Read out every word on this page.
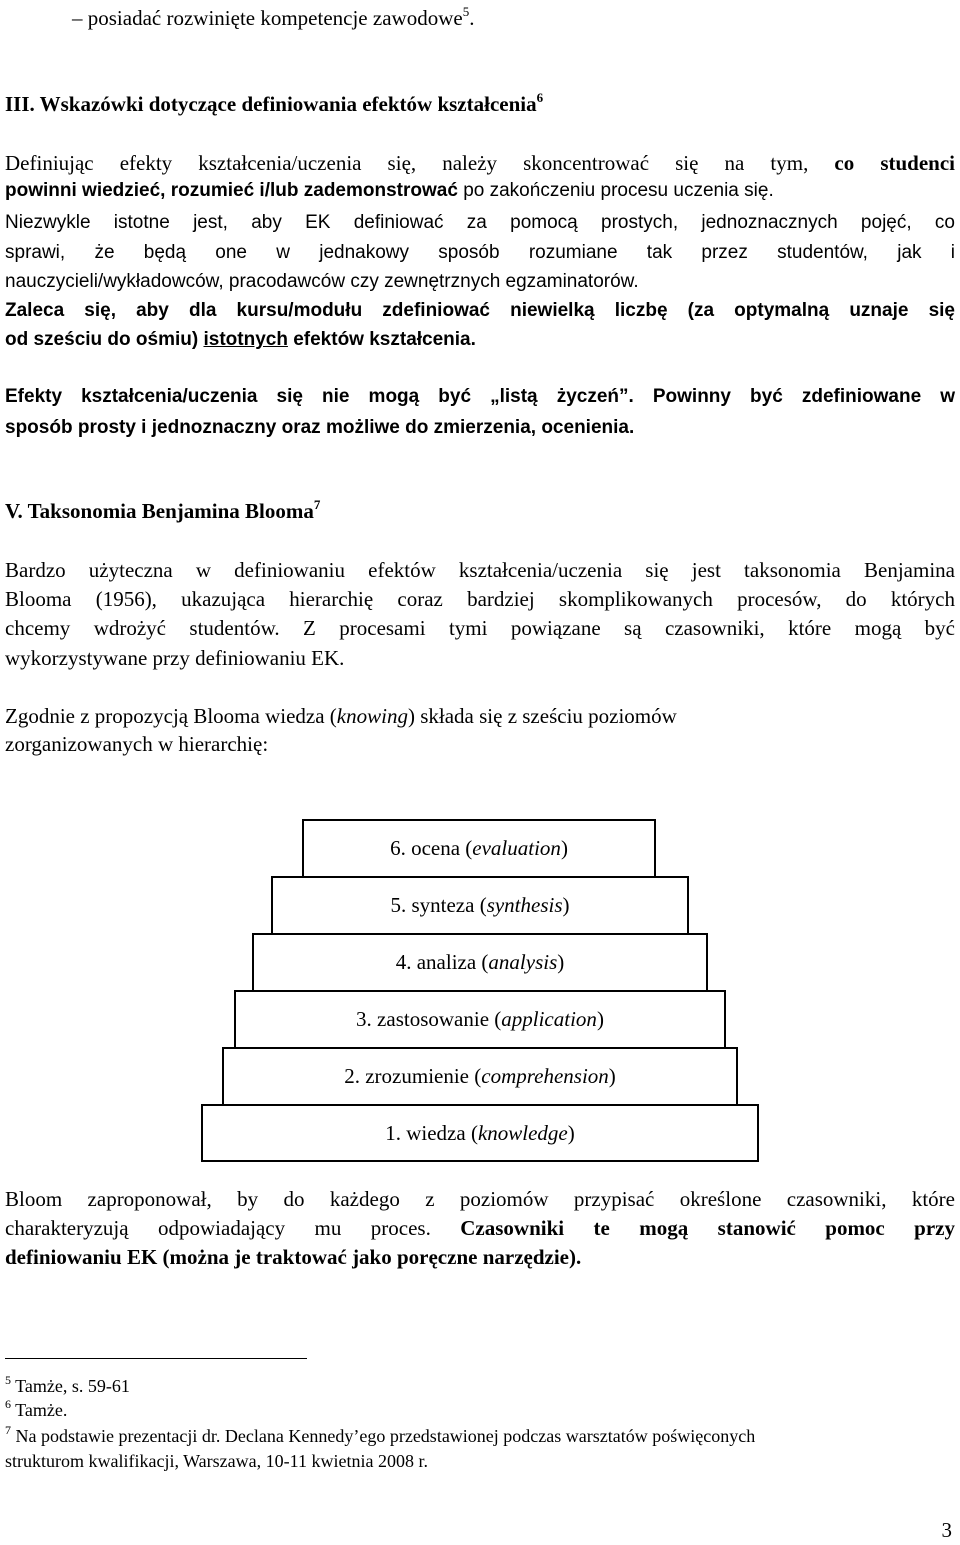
– posiadać rozwinięte kompetencje zawodowe$^5$.
III. Wskazówki dotyczące definiowania efektów kształcenia$^6$
Definiując efekty kształcenia/uczenia się, należy skoncentrować się na tym, co studenci
powinni wiedzieć, rozumieć i/lub zademonstrować po zakończeniu procesu uczenia się.
Niezwykle istotne jest, aby EK definiować za pomocą prostych, jednoznacznych pojęć, co
sprawi, że będą one w jednakowy sposób rozumiane tak przez studentów, jak i
nauczycieli/wykładowców, pracodawców czy zewnętrznych egzaminatorów.
Zaleca się, aby dla kursu/modułu zdefiniować niewielką liczbę (za optymalną uznaje się
od sześciu do ośmiu) istotnych efektów kształcenia.
Efekty kształcenia/uczenia się nie mogą być „listą życzeń”. Powinny być zdefiniowane w
sposób prosty i jednoznaczny oraz możliwe do zmierzenia, ocenienia.
V. Taksonomia Benjamina Blooma$^7$
Bardzo użyteczna w definiowaniu efektów kształcenia/uczenia się jest taksonomia Benjamina
Blooma (1956), ukazująca hierarchię coraz bardziej skomplikowanych procesów, do których
chcemy wdrożyć studentów. Z procesami tymi powiązane są czasowniki, które mogą być
wykorzystywane przy definiowaniu EK.
Zgodnie z propozycją Blooma wiedza (knowing) składa się z sześciu poziomów
zorganizowanych w hierarchię:
1. wiedza (knowledge)
2. zrozumienie (comprehension)
3. zastosowanie (application)
4. analiza (analysis)
5. synteza (synthesis)
6. ocena (evaluation)
Bloom zaproponował, by do każdego z poziomów przypisać określone czasowniki, które
charakteryzują odpowiadający mu proces. Czasowniki te mogą stanowić pomoc przy
definiowaniu EK (można je traktować jako poręczne narzędzie).
$^5$ Tamże, s. 59-61
$^6$ Tamże.
$^7$ Na podstawie prezentacji dr. Declana Kennedy’ego przedstawionej podczas warsztatów poświęconych
strukturom kwalifikacji, Warszawa, 10-11 kwietnia 2008 r.
3
